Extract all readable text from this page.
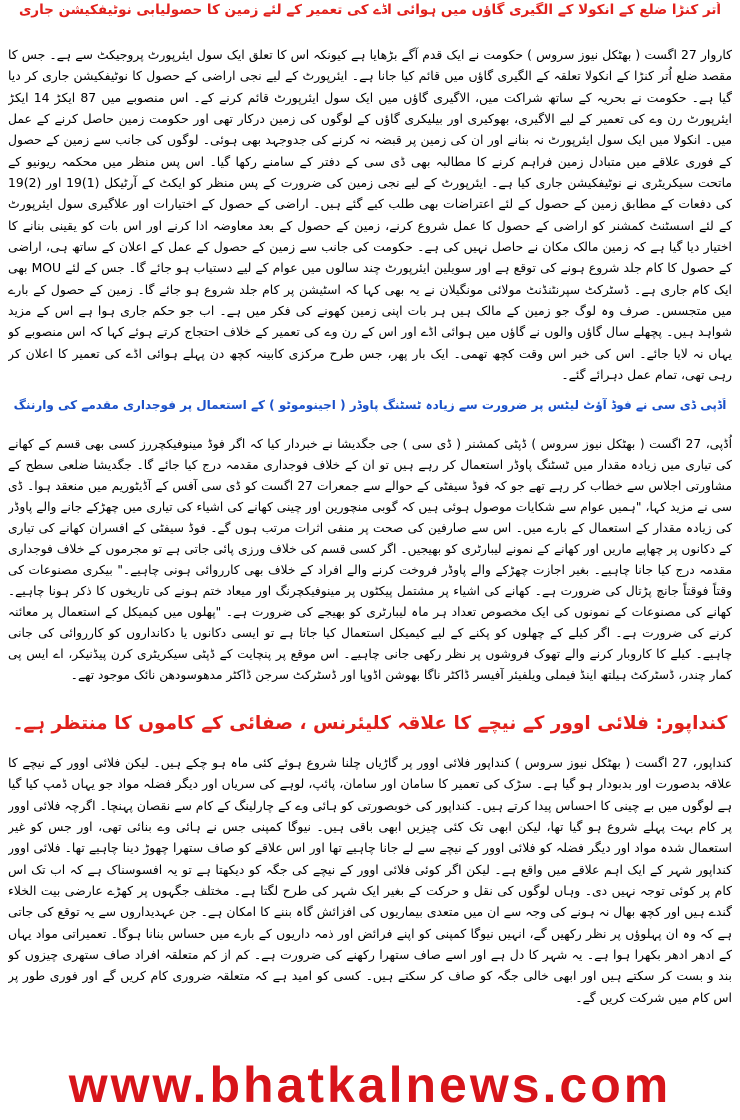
اُتر کنڑا ضلع کے انکولا کے الگیری گاؤں میں ہوائی اڈے کی تعمیر کے لئے زمین کا حصولیابی نوٹیفکیشن جاری
کاروار 27 اگست ( بھٹکل نیوز سروس ) حکومت نے ایک قدم آگے بڑھایا ہے کیونکہ اس کا تعلق ایک سول ایئرپورٹ پروجیکٹ سے ہے۔ جس کا مقصد ضلع اُتر کنڑا کے انکولا تعلقہ کے الگیری گاؤں میں قائم کیا جانا ہے۔ ایئرپورٹ کے لیے نجی اراضی کے حصول کا نوٹیفکیشن جاری کر دیا گیا ہے۔ حکومت نے بحریہ کے ساتھ شراکت میں، الاگیری گاؤں میں ایک سول ایئرپورٹ قائم کرنے کے۔ اس منصوبے میں 87 ایکڑ 14 ایکڑ ایئرپورٹ رن وے کی تعمیر کے لیے الاگیری، بھوکیری اور بیلیکری گاؤں کے لوگوں کی زمین درکار تھی اور حکومت زمین حاصل کرنے کے عمل میں۔ انکولا میں ایک سول ایئرپورٹ نہ بنانے اور ان کی زمین پر قبضہ نہ کرنے کی جدوجہد بھی ہوئی۔ لوگوں کی جانب سے زمین کے حصول کے فوری علاقے میں متبادل زمین فراہم کرنے کا مطالبہ بھی ڈی سی کے دفتر کے سامنے رکھا گیا۔ اس پس منظر میں محکمہ ریونیو کے ماتحت سیکریٹری نے نوٹیفکیشن جاری کیا ہے۔ ایئرپورٹ کے لیے نجی زمین کی ضرورت کے پس منظر کو ایکٹ کے آرٹیکل (1)19 اور (2)19 کی دفعات کے مطابق زمین کے حصول کے لئے اعتراضات بھی طلب کیے گئے ہیں۔ اراضی کے حصول کے اختیارات اور علاگیری سول ایئرپورٹ کے لئے اسسٹنٹ کمشنر کو اراضی کے حصول کا عمل شروع کرنے، زمین کے حصول کے بعد معاوضہ ادا کرنے اور اس بات کو یقینی بنانے کا اختیار دیا گیا ہے کہ زمین مالک مکان نے حاصل نہیں کی ہے۔ حکومت کی جانب سے زمین کے حصول کے عمل کے اعلان کے ساتھ ہی، اراضی کے حصول کا کام جلد شروع ہونے کی توقع ہے اور سویلین ایئرپورٹ چند سالوں میں عوام کے لیے دستیاب ہو جائے گا۔ جس کے لئے MOU بھی ایک کام جاری ہے۔ ڈسٹرکٹ سپرنٹنڈنٹ مولائی مونگیلان نے یہ بھی کہا کہ اسٹیشن پر کام جلد شروع ہو جائے گا۔ زمین کے حصول کے بارے میں متجسس۔ صرف وہ لوگ جو زمین کے مالک ہیں ہر بات اپنی زمین کھونے کی فکر میں ہے۔ اب جو حکم جاری ہوا ہے اس کے مزید شواہد ہیں۔ پچھلے سال گاؤں والوں نے گاؤں میں ہوائی اڈے اور اس کے رن وے کی تعمیر کے خلاف احتجاج کرتے ہوئے کہا کہ اس منصوبے کو یہاں نہ لایا جائے۔ اس کی خبر اس وقت کچھ تھمی۔ ایک بار پھر، جس طرح مرکزی کابینہ کچھ دن پہلے ہوائی اڈے کی تعمیر کا اعلان کر رہی تھی، تمام عمل دہرائے گئے۔
اُڈپی ڈی سی نے فوڈ آؤٹ لیٹس پر ضرورت سے زیادہ ٹسٹنگ پاوڈر ( اجینوموٹو ) کے استعمال پر فوجداری مقدمے کی وارننگ
اُڈپی، 27 اگست ( بھٹکل نیوز سروس ) ڈپٹی کمشنر ( ڈی سی ) جی جگدیشا نے خبردار کیا کہ اگر فوڈ مینوفیکچررز کسی بھی قسم کے کھانے کی تیاری میں زیادہ مقدار میں ٹسٹنگ پاوڈر استعمال کر رہے ہیں تو ان کے خلاف فوجداری مقدمہ درج کیا جائے گا۔ جگدیشا ضلعی سطح کے مشاورتی اجلاس سے خطاب کر رہے تھے جو کہ فوڈ سیفٹی کے حوالے سے جمعرات 27 اگست کو ڈی سی آفس کے آڈیٹوریم میں منعقد ہوا۔ ڈی سی نے مزید کہا، "ہمیں عوام سے شکایات موصول ہوئی ہیں کہ گوبی منچورین اور چینی کھانے کی اشیاء کی تیاری میں چھڑکے جانے والے پاوڈر کی زیادہ مقدار کے استعمال کے بارے میں۔ اس سے صارفین کی صحت پر منفی اثرات مرتب ہوں گے۔ فوڈ سیفٹی کے افسران کھانے کی تیاری کے دکانوں پر چھاپے ماریں اور کھانے کے نمونے لیبارٹری کو بھیجیں۔ اگر کسی قسم کی خلاف ورزی پائی جاتی ہے تو مجرموں کے خلاف فوجداری مقدمہ درج کیا جانا چاہیے۔ بغیر اجازت چھڑکے والے پاوڈر فروخت کرنے والے افراد کے خلاف بھی کارروائی ہونی چاہیے۔" بیکری مصنوعات کی وقتاً فوقتاً جانچ پڑتال کی ضرورت ہے۔ کھانے کی اشیاء پر مشتمل پیکٹوں پر مینوفیکچرنگ اور میعاد ختم ہونے کی تاریخوں کا ذکر ہونا چاہیے۔ کھانے کی مصنوعات کے نمونوں کی ایک مخصوص تعداد ہر ماہ لیبارٹری کو بھیجے کی ضرورت ہے۔ "پھلوں میں کیمیکل کے استعمال پر معائنہ کرنے کی ضرورت ہے۔ اگر کیلے کے چھلوں کو پکنے کے لیے کیمیکل استعمال کیا جاتا ہے تو ایسی دکانوں یا دکانداروں کو کارروائی کی جانی چاہیے۔ کیلے کا کاروبار کرنے والے تھوک فروشوں پر نظر رکھی جانی چاہیے۔ اس موقع پر پنچایت کے ڈپٹی سیکریٹری کرن پیڈنیکر، اے ایس پی کمار چندر، ڈسٹرکٹ ہیلتھ اینڈ فیملی ویلفیئر آفیسر ڈاکٹر ناگا بھوشن اڈوپا اور ڈسٹرکٹ سرجن ڈاکٹر مدھوسودھن نائک موجود تھے۔
کنداپور: فلائی اوور کے نیچے کا علاقہ کلیئرنس ، صفائی کے کاموں کا منتظر ہے۔
کنداپور، 27 اگست ( بھٹکل نیوز سروس ) کنداپور فلائی اوور پر گاڑیاں چلنا شروع ہوئے کئی ماہ ہو چکے ہیں۔ لیکن فلائی اوور کے نیچے کا علاقہ بدصورت اور بدبودار ہو گیا ہے۔ سڑک کی تعمیر کا سامان اور سامان، پائپ، لوہے کی سریاں اور دیگر فضلہ مواد جو یہاں ڈمپ کیا گیا ہے لوگوں میں بے چینی کا احساس پیدا کرتے ہیں۔ کنداپور کی خوبصورتی کو ہائی وے کے چارلینگ کے کام سے نقصان پہنچا۔ اگرچہ فلائی اوور پر کام بہت پہلے شروع ہو گیا تھا، لیکن ابھی تک کئی چیزیں ابھی باقی ہیں۔ نیوگا کمپنی جس نے ہائی وے بنائی تھی، اور جس کو غیر استعمال شدہ مواد اور دیگر فضلہ کو فلائی اوور کے نیچے سے لے جانا چاہیے تھا اور اس علاقے کو صاف ستھرا چھوڑ دینا چاہیے تھا۔ فلائی اوور کنداپور شہر کے ایک اہم علاقے میں واقع ہے۔ لیکن اگر کوئی فلائی اوور کے نیچے کی جگہ کو دیکھتا ہے تو یہ افسوسناک ہے کہ اب تک اس کام پر کوئی توجہ نہیں دی۔ وہاں لوگوں کی نقل و حرکت کے بغیر ایک شہر کی طرح لگتا ہے۔ مختلف جگہوں پر کھڑے عارضی بیت الخلاء گندے ہیں اور کچھ بھال نہ ہونے کی وجہ سے ان میں متعدی بیماریوں کی افزائش گاہ بننے کا امکان ہے۔ جن عہدیداروں سے یہ توقع کی جاتی ہے کہ وہ ان پہلوؤں پر نظر رکھیں گے، انہیں نیوگا کمپنی کو اپنے فرائض اور ذمہ داریوں کے بارے میں حساس بنانا ہوگا۔ تعمیراتی مواد یہاں کے ادھر ادھر بکھرا ہوا ہے۔ یہ شہر کا دل ہے اور اسے صاف ستھرا رکھنے کی ضرورت ہے۔ کم از کم متعلقہ افراد صاف ستھری چیزوں کو بند و بست کر سکتے ہیں اور ابھی خالی جگہ کو صاف کر سکتے ہیں۔ کسی کو امید ہے کہ متعلقہ ضروری کام کریں گے اور فوری طور پر اس کام میں شرکت کریں گے۔
www.bhatkalnews.com
